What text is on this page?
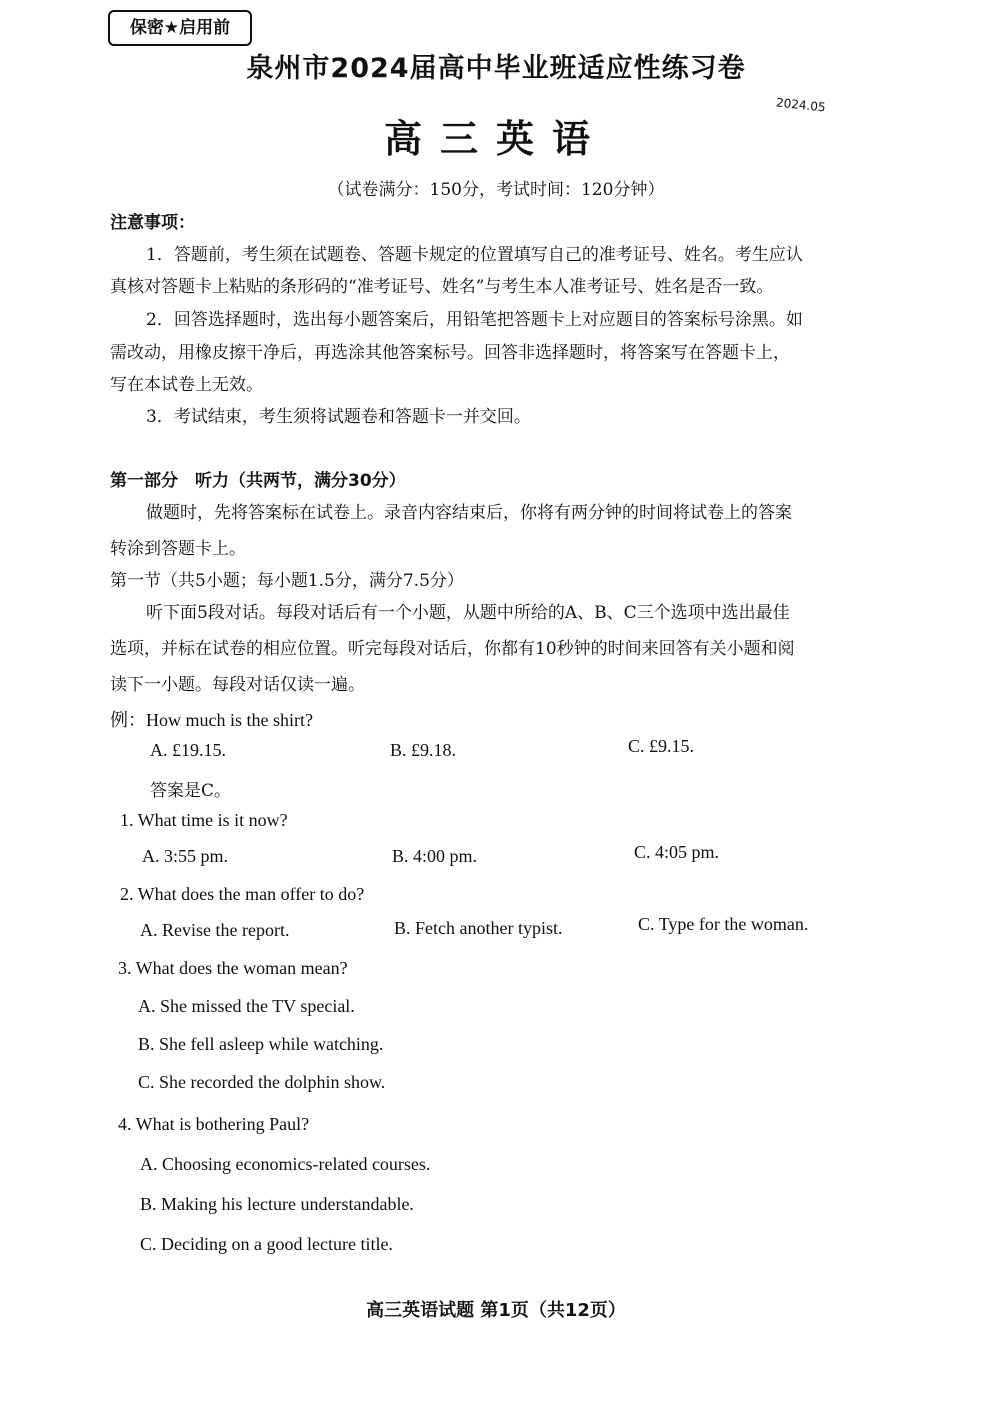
保密★启用前
泉州市2024届高中毕业班适应性练习卷
2024.05
高三英语
（试卷满分：150分，考试时间：120分钟）
注意事项：
1．答题前，考生须在试题卷、答题卡规定的位置填写自己的准考证号、姓名。考生应认
真核对答题卡上粘贴的条形码的“准考证号、姓名”与考生本人准考证号、姓名是否一致。
2．回答选择题时，选出每小题答案后，用铅笔把答题卡上对应题目的答案标号涂黑。如
需改动，用橡皮擦干净后，再选涂其他答案标号。回答非选择题时，将答案写在答题卡上，
写在本试卷上无效。
3．考试结束，考生须将试题卷和答题卡一并交回。
第一部分　听力（共两节，满分30分）
做题时，先将答案标在试卷上。录音内容结束后，你将有两分钟的时间将试卷上的答案
转涂到答题卡上。
第一节（共5小题；每小题1.5分，满分7.5分）
听下面5段对话。每段对话后有一个小题，从题中所给的A、B、C三个选项中选出最佳
选项，并标在试卷的相应位置。听完每段对话后，你都有10秒钟的时间来回答有关小题和阅
读下一小题。每段对话仅读一遍。
例：How much is the shirt?
A. £19.15.	B. £9.18.	C. £9.15.
答案是C。
1. What time is it now?
A. 3:55 pm.	B. 4:00 pm.	C. 4:05 pm.
2. What does the man offer to do?
A. Revise the report.	B. Fetch another typist.	C. Type for the woman.
3. What does the woman mean?
A. She missed the TV special.
B. She fell asleep while watching.
C. She recorded the dolphin show.
4. What is bothering Paul?
A. Choosing economics-related courses.
B. Making his lecture understandable.
C. Deciding on a good lecture title.
高三英语试题 第1页（共12页）
